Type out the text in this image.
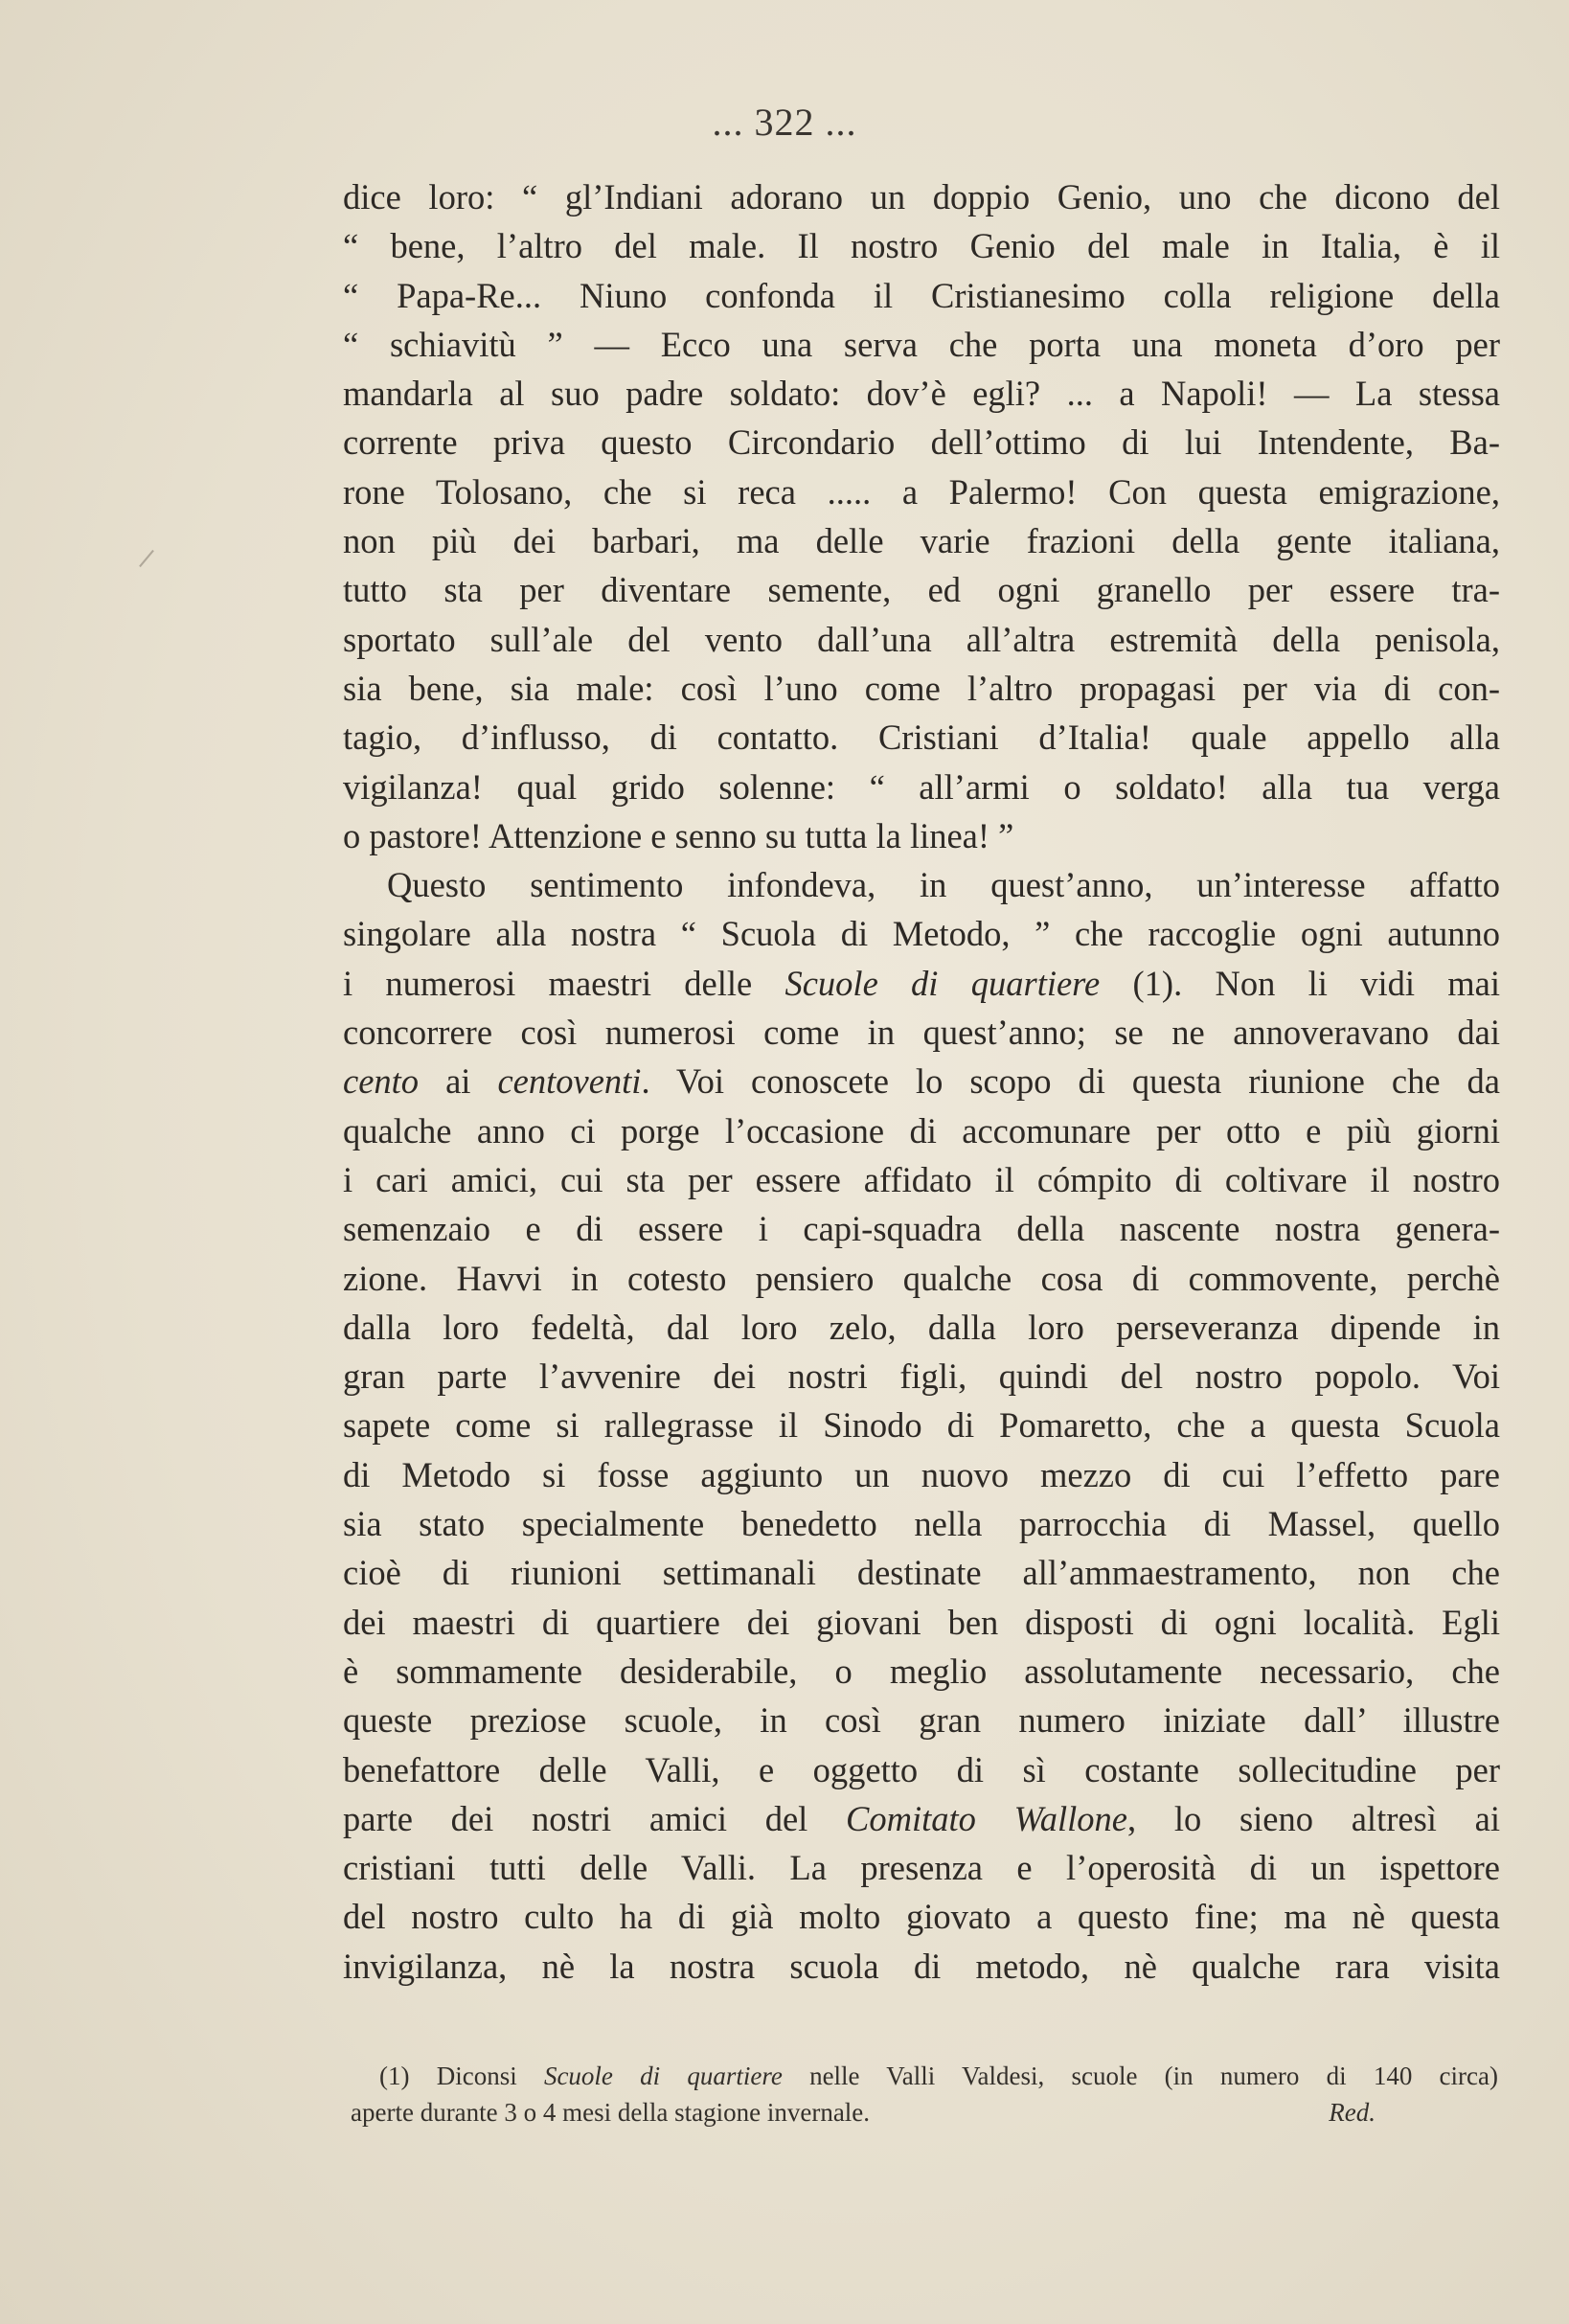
... 322 ...
dice loro: “ gl’Indiani adorano un doppio Genio, uno che dicono del
“ bene, l’altro del male. Il nostro Genio del male in Italia, è il
“ Papa-Re... Niuno confonda il Cristianesimo colla religione della
“ schiavitù ” — Ecco una serva che porta una moneta d’oro per
mandarla al suo padre soldato: dov’è egli? ... a Napoli! — La stessa
corrente priva questo Circondario dell’ottimo di lui Intendente, Ba-
rone Tolosano, che si reca ..... a Palermo! Con questa emigrazione,
non più dei barbari, ma delle varie frazioni della gente italiana,
tutto sta per diventare semente, ed ogni granello per essere tra-
sportato sull’ale del vento dall’una all’altra estremità della penisola,
sia bene, sia male: così l’uno come l’altro propagasi per via di con-
tagio, d’influsso, di contatto. Cristiani d’Italia! quale appello alla
vigilanza! qual grido solenne: “ all’armi o soldato! alla tua verga
o pastore! Attenzione e senno su tutta la linea! ”
Questo sentimento infondeva, in quest’anno, un’interesse affatto
singolare alla nostra “ Scuola di Metodo, ” che raccoglie ogni autunno
i numerosi maestri delle Scuole di quartiere (1). Non li vidi mai
concorrere così numerosi come in quest’anno; se ne annoveravano dai
cento ai centoventi. Voi conoscete lo scopo di questa riunione che da
qualche anno ci porge l’occasione di accomunare per otto e più giorni
i cari amici, cui sta per essere affidato il cómpito di coltivare il nostro
semenzaio e di essere i capi-squadra della nascente nostra genera-
zione. Havvi in cotesto pensiero qualche cosa di commovente, perchè
dalla loro fedeltà, dal loro zelo, dalla loro perseveranza dipende in
gran parte l’avvenire dei nostri figli, quindi del nostro popolo. Voi
sapete come si rallegrasse il Sinodo di Pomaretto, che a questa Scuola
di Metodo si fosse aggiunto un nuovo mezzo di cui l’effetto pare
sia stato specialmente benedetto nella parrocchia di Massel, quello
cioè di riunioni settimanali destinate all’ammaestramento, non che
dei maestri di quartiere dei giovani ben disposti di ogni località. Egli
è sommamente desiderabile, o meglio assolutamente necessario, che
queste preziose scuole, in così gran numero iniziate dall’ illustre
benefattore delle Valli, e oggetto di sì costante sollecitudine per
parte dei nostri amici del Comitato Wallone, lo sieno altresì ai
cristiani tutti delle Valli. La presenza e l’operosità di un ispettore
del nostro culto ha di già molto giovato a questo fine; ma nè questa
invigilanza, nè la nostra scuola di metodo, nè qualche rara visita
(1) Diconsi Scuole di quartiere nelle Valli Valdesi, scuole (in numero di 140 circa)
aperte durante 3 o 4 mesi della stagione invernale.	Red.
